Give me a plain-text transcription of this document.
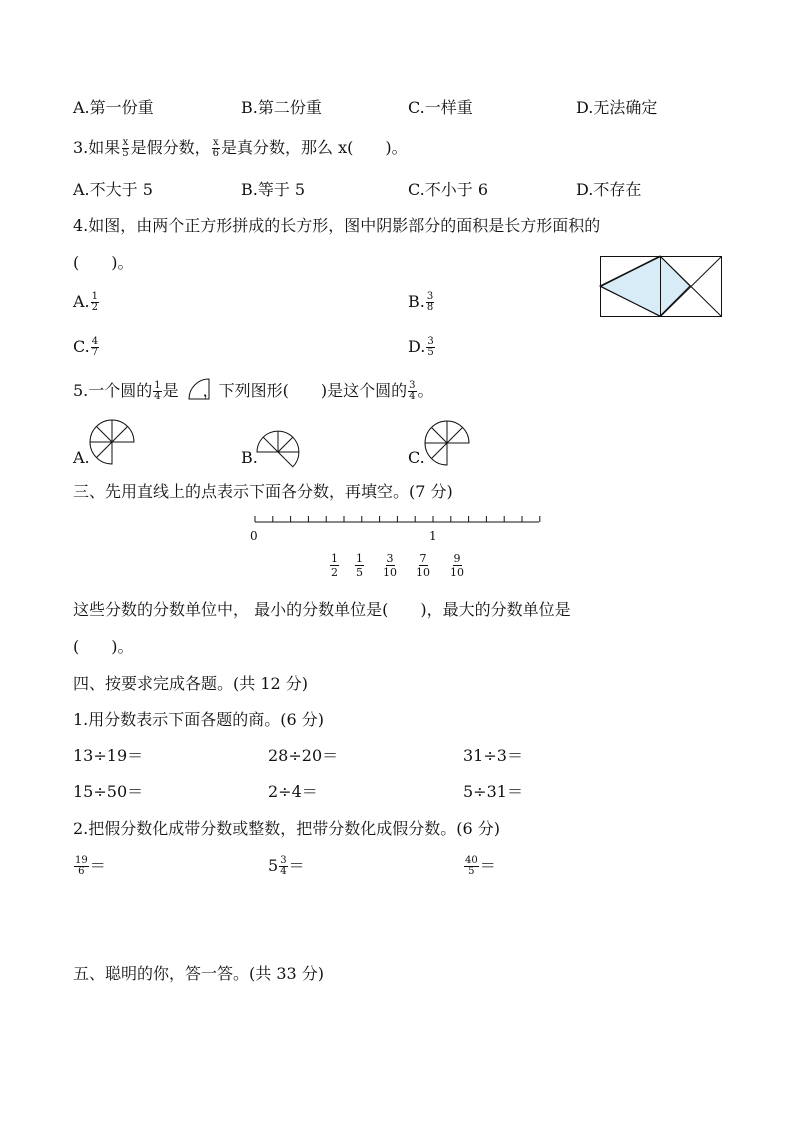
A.第一份重	B.第二份重	C.一样重	D.无法确定
3.如果 $\frac{x}{5}$ 是假分数， $\frac{x}{6}$ 是真分数，那么 x(　　)。
A.不大于 5	B.等于 5	C.不小于 6	D.不存在
4.如图，由两个正方形拼成的长方形，图中阴影部分的面积是长方形面积的
(　　)。
A. $\frac{1}{2}$	B. $\frac{3}{8}$
C. $\frac{4}{7}$	D. $\frac{3}{5}$
5.一个圆的 $\frac{1}{4}$ 是 ，下列图形(　　)是这个圆的 $\frac{3}{4}$ 。
A.	B.	C.
三、先用直线上的点表示下面各分数，再填空。(7 分)
0	1
$\frac{1}{2} \frac{1}{5} \frac{3}{10} \frac{7}{10} \frac{9}{10}$
这些分数的分数单位中， 最小的分数单位是(　　)，最大的分数单位是
(　　)。
四、按要求完成各题。(共 12 分)
1.用分数表示下面各题的商。(6 分)
13÷19＝	28÷20＝	31÷3＝
15÷50＝	2÷4＝	5÷31＝
2.把假分数化成带分数或整数，把带分数化成假分数。(6 分)
$\frac{19}{6}$ ＝	$5 \frac{3}{4}$ ＝	$\frac{40}{5}$ ＝
五、聪明的你，答一答。(共 33 分)
